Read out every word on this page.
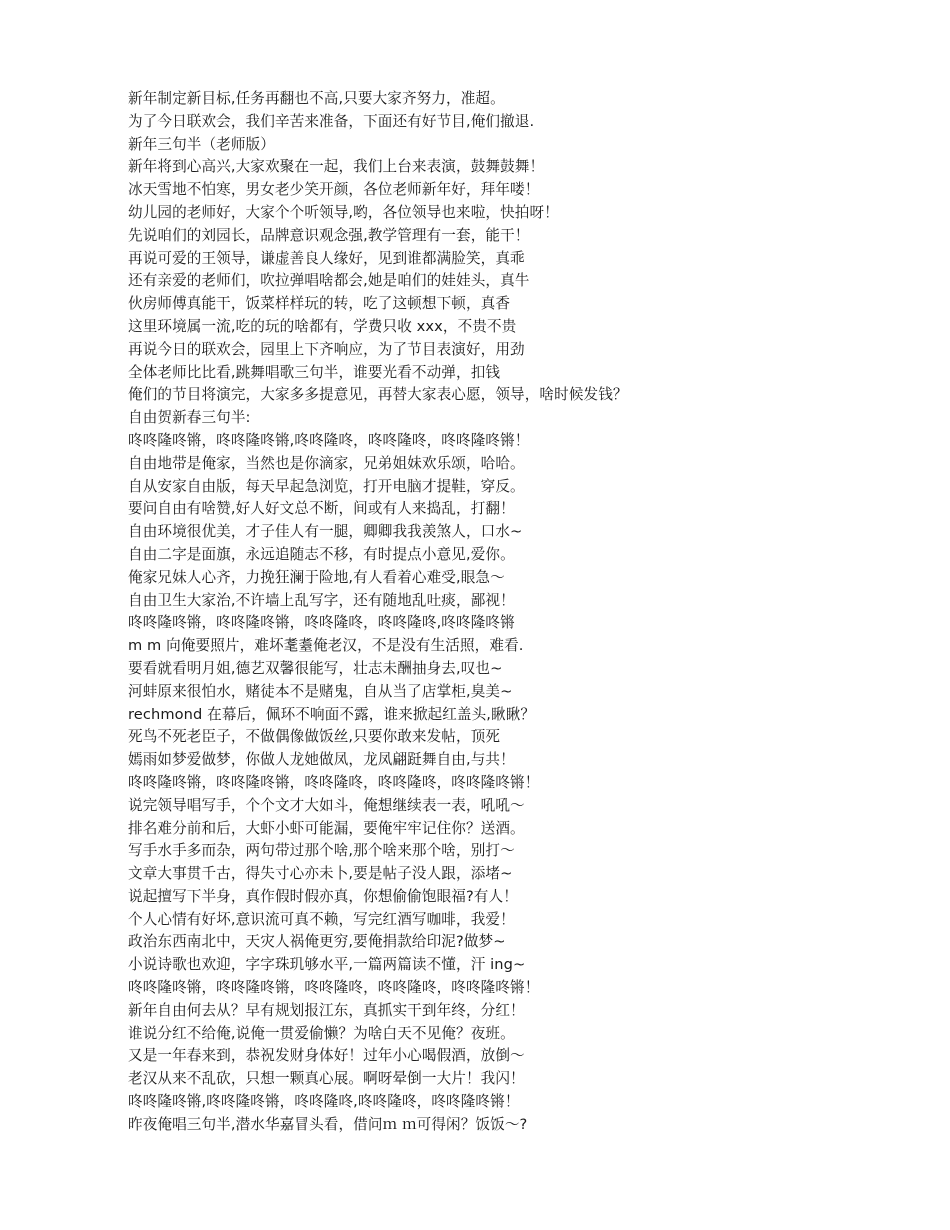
新年制定新目标,任务再翻也不高,只要大家齐努力，准超。
为了今日联欢会，我们辛苦来准备，下面还有好节目,俺们撤退.
新年三句半（老师版）
新年将到心高兴,大家欢聚在一起，我们上台来表演，鼓舞鼓舞！
冰天雪地不怕寒，男女老少笑开颜，各位老师新年好，拜年喽！
幼儿园的老师好，大家个个听领导,哟，各位领导也来啦，快拍呀！
先说咱们的刘园长，品牌意识观念强,教学管理有一套，能干！
再说可爱的王领导，谦虚善良人缘好，见到谁都满脸笑，真乖
还有亲爱的老师们，吹拉弹唱啥都会,她是咱们的娃娃头，真牛
伙房师傅真能干，饭菜样样玩的转，吃了这顿想下顿，真香
这里环境属一流,吃的玩的啥都有，学费只收 xxx，不贵不贵
再说今日的联欢会，园里上下齐响应，为了节目表演好，用劲
全体老师比比看,跳舞唱歌三句半，谁要光看不动弹，扣钱
俺们的节目将演完，大家多多提意见，再替大家表心愿，领导，啥时候发钱？
自由贺新春三句半:
咚咚隆咚锵，咚咚隆咚锵,咚咚隆咚，咚咚隆咚，咚咚隆咚锵！
自由地带是俺家，当然也是你滴家，兄弟姐妹欢乐颂，哈哈。
自从安家自由版，每天早起急浏览，打开电脑才提鞋，穿反。
要问自由有啥赞,好人好文总不断，间或有人来捣乱，打翻！
自由环境很优美，才子佳人有一腿，卿卿我我羡煞人，口水~
自由二字是面旗，永远追随志不移，有时提点小意见,爱你。
俺家兄妹人心齐，力挽狂澜于险地,有人看着心难受,眼急～
自由卫生大家治,不许墙上乱写字，还有随地乱吐痰，鄙视！
咚咚隆咚锵，咚咚隆咚锵，咚咚隆咚，咚咚隆咚,咚咚隆咚锵
m m 向俺要照片，难坏耄耋俺老汉，不是没有生活照，难看.
要看就看明月姐,德艺双馨很能写，壮志未酬抽身去,叹也~
河蚌原来很怕水，赌徒本不是赌鬼，自从当了店掌柜,臭美~
rechmond 在幕后，佩环不响面不露，谁来掀起红盖头,瞅瞅？
死鸟不死老臣子，不做偶像做饭丝,只要你敢来发帖，顶死
嫣雨如梦爱做梦，你做人龙她做凤，龙凤翩跹舞自由,与共！
咚咚隆咚锵，咚咚隆咚锵，咚咚隆咚，咚咚隆咚，咚咚隆咚锵！
说完领导唱写手，个个文才大如斗，俺想继续表一表，吼吼～
排名难分前和后，大虾小虾可能漏，要俺牢牢记住你？送酒。
写手水手多而杂，两句带过那个啥,那个啥来那个啥，别打～
文章大事贯千古，得失寸心亦未卜,要是帖子没人跟，添堵~
说起擅写下半身，真作假时假亦真，你想偷偷饱眼福?有人！
个人心情有好坏,意识流可真不赖，写完红酒写咖啡，我爱！
政治东西南北中，天灾人祸俺更穷,要俺捐款给印泥?做梦~
小说诗歌也欢迎，字字珠玑够水平,一篇两篇读不懂，汗 ing~
咚咚隆咚锵，咚咚隆咚锵，咚咚隆咚，咚咚隆咚，咚咚隆咚锵！
新年自由何去从？早有规划报江东，真抓实干到年终，分红！
谁说分红不给俺,说俺一贯爱偷懒？为啥白天不见俺？夜班。
又是一年春来到，恭祝发财身体好！过年小心喝假酒，放倒～
老汉从来不乱砍，只想一颗真心展。啊呀晕倒一大片！我闪！
咚咚隆咚锵,咚咚隆咚锵，咚咚隆咚,咚咚隆咚，咚咚隆咚锵！
昨夜俺唱三句半,潜水华嘉冒头看，借问ｍ ｍ可得闲？饭饭～?
